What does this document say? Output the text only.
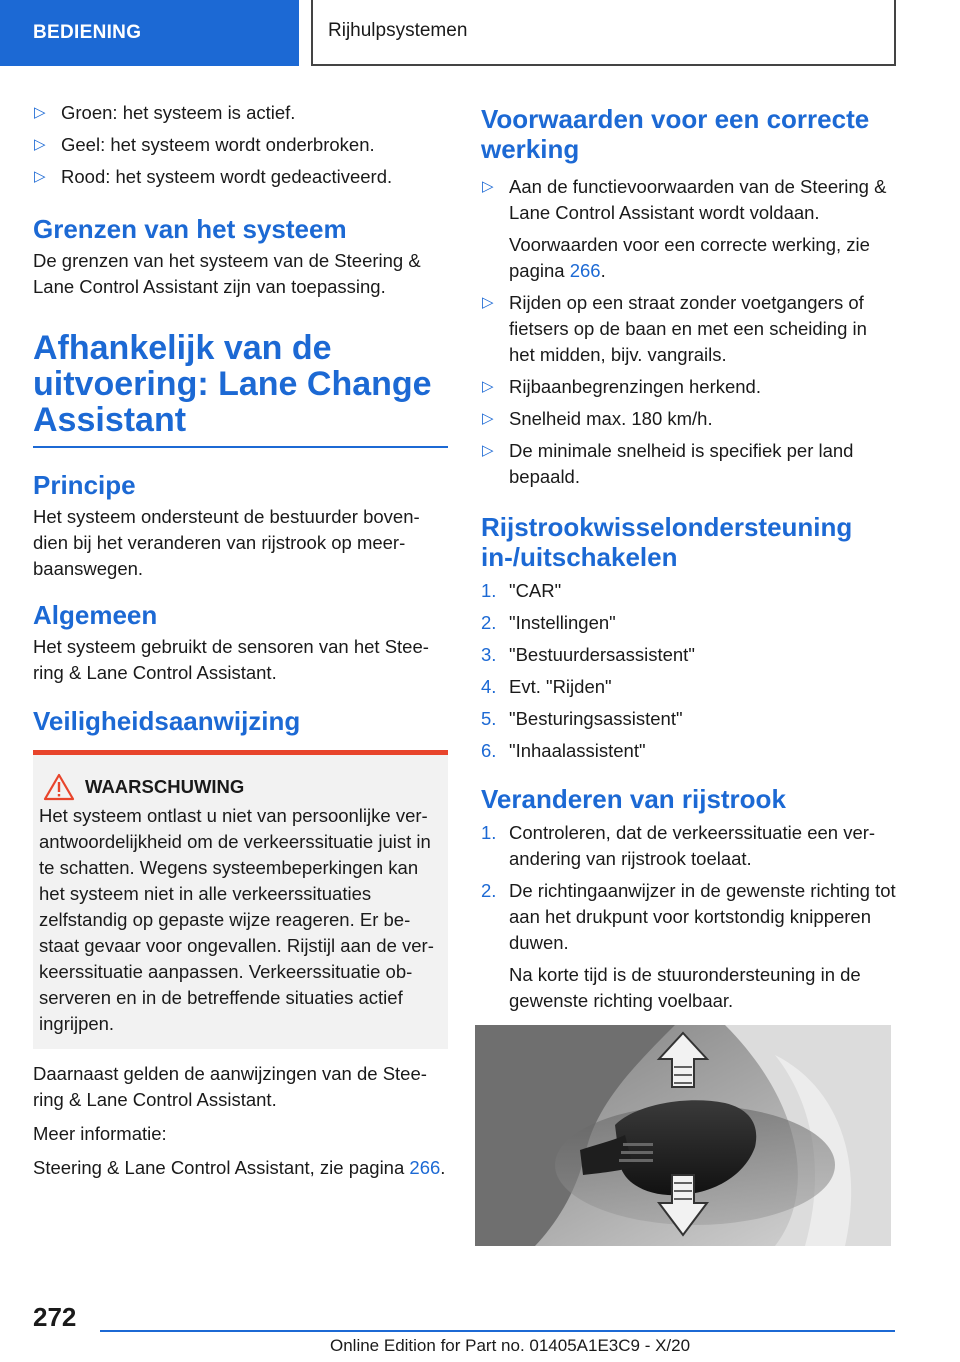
BEDIENING	Rijhulpsystemen
▷ Groen: het systeem is actief.
▷ Geel: het systeem wordt onderbroken.
▷ Rood: het systeem wordt gedeactiveerd.
Grenzen van het systeem
De grenzen van het systeem van de Steering & Lane Control Assistant zijn van toepassing.
Afhankelijk van de uitvoering: Lane Change Assistant
Principe
Het systeem ondersteunt de bestuurder bovendien bij het veranderen van rijstrook op meerbaanswegen.
Algemeen
Het systeem gebruikt de sensoren van het Steering & Lane Control Assistant.
Veiligheidsaanwijzing
WAARSCHUWING
Het systeem ontlast u niet van persoonlijke verantwoordelijkheid om de verkeerssituatie juist in te schatten. Wegens systeembeperkingen kan het systeem niet in alle verkeerssituaties zelfstandig op gepaste wijze reageren. Er bestaat gevaar voor ongevallen. Rijstijl aan de verkeerssituatie aanpassen. Verkeerssituatie observeren en in de betreffende situaties actief ingrijpen.
Daarnaast gelden de aanwijzingen van de Steering & Lane Control Assistant.
Meer informatie:
Steering & Lane Control Assistant, zie pagina 266.
Voorwaarden voor een correcte werking
▷ Aan de functievoorwaarden van de Steering & Lane Control Assistant wordt voldaan.
Voorwaarden voor een correcte werking, zie pagina 266.
▷ Rijden op een straat zonder voetgangers of fietsers op de baan en met een scheiding in het midden, bijv. vangrails.
▷ Rijbaanbegrenzingen herkend.
▷ Snelheid max. 180 km/h.
▷ De minimale snelheid is specifiek per land bepaald.
Rijstrookwisselondersteuning in-/uitschakelen
1. "CAR"
2. "Instellingen"
3. "Bestuurdersassistent"
4. Evt. "Rijden"
5. "Besturingsassistent"
6. "Inhaalassistent"
Veranderen van rijstrook
1. Controleren, dat de verkeerssituatie een verandering van rijstrook toelaat.
2. De richtingaanwijzer in de gewenste richting tot aan het drukpunt voor kortstondig knipperen duwen.
Na korte tijd is de stuurondersteuning in de gewenste richting voelbaar.
272
Online Edition for Part no. 01405A1E3C9 - X/20
